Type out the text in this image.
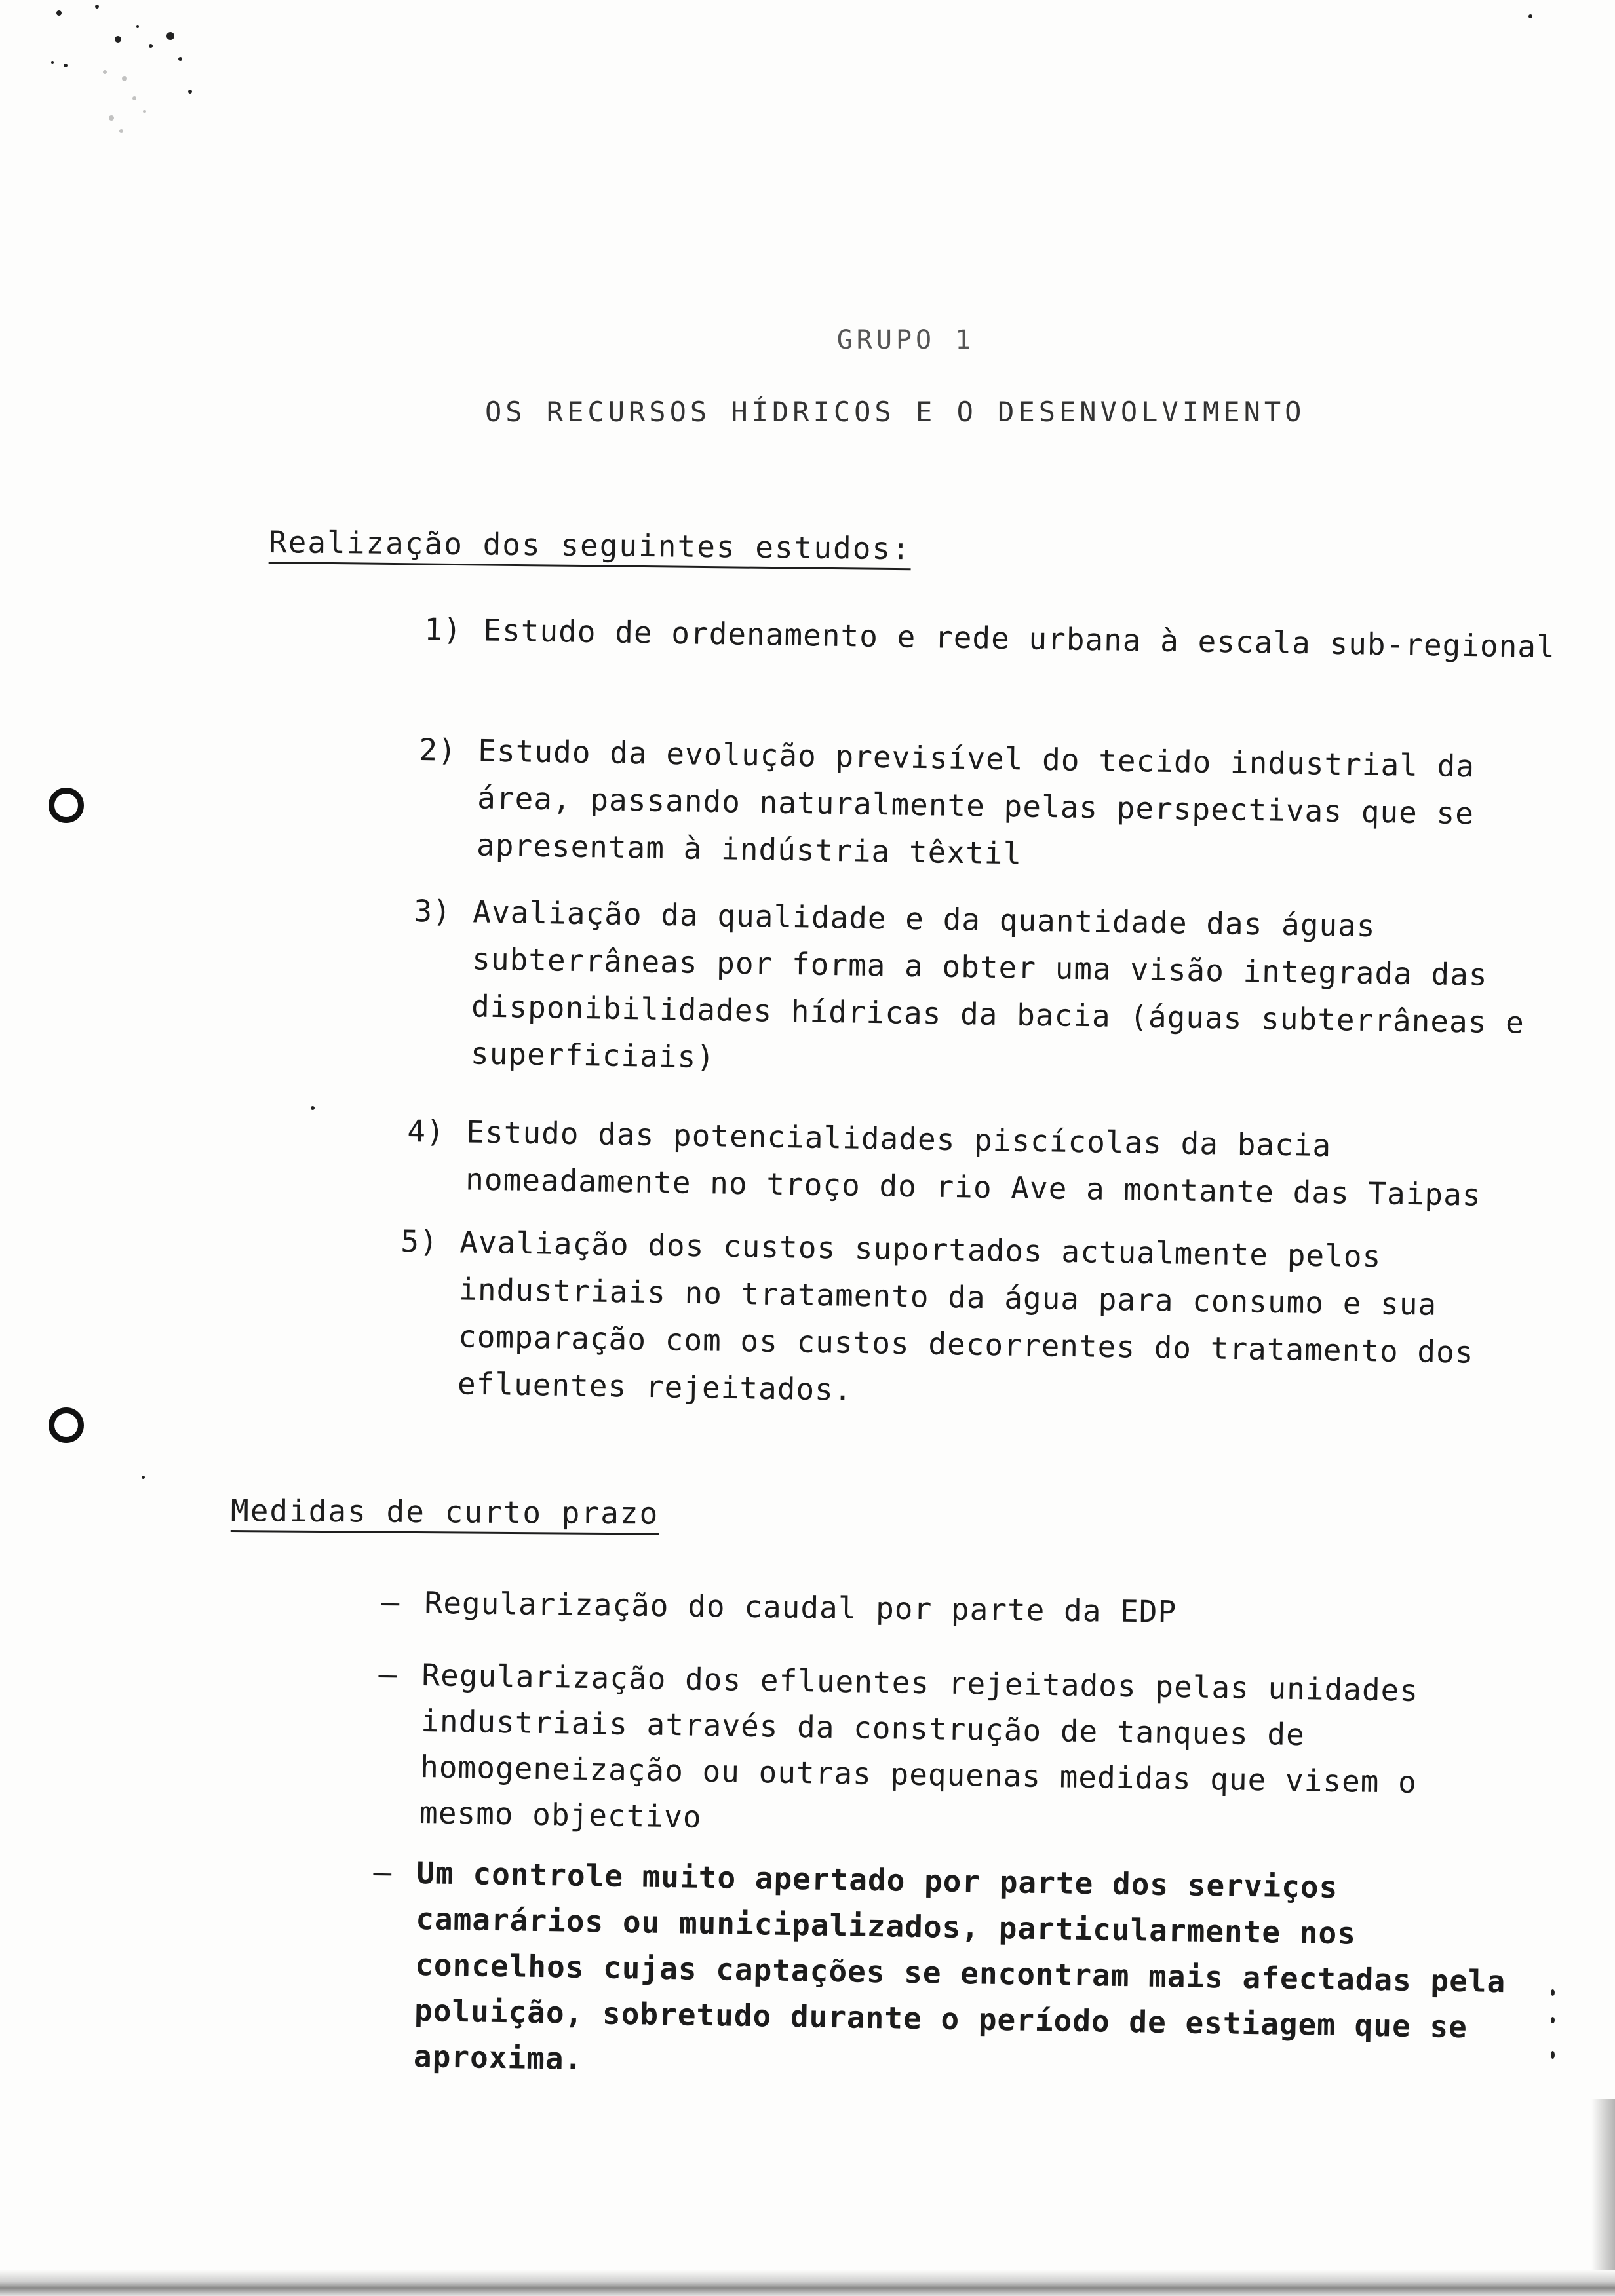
GRUPO 1
OS RECURSOS HÍDRICOS E O DESENVOLVIMENTO
Realização dos seguintes estudos:
1) Estudo de ordenamento e rede urbana à escala sub-regional
2) Estudo da evolução previsível do tecido industrial da área, passando naturalmente pelas perspectivas que se apresentam à indústria têxtil
3) Avaliação da qualidade e da quantidade das águas subterrâneas por forma a obter uma visão integrada das disponibilidades hídricas da bacia (águas subterrâneas e superficiais)
4) Estudo das potencialidades piscícolas da bacia nomeadamente no troço do rio Ave a montante das Taipas
5) Avaliação dos custos suportados actualmente pelos industriais no tratamento da água para consumo e sua comparação com os custos decorrentes do tratamento dos efluentes rejeitados.
Medidas de curto prazo
– Regularização do caudal por parte da EDP
– Regularização dos efluentes rejeitados pelas unidades industriais através da construção de tanques de homogeneização ou outras pequenas medidas que visem o mesmo objectivo
– Um controle muito apertado por parte dos serviços camarários ou municipalizados, particularmente nos concelhos cujas captações se encontram mais afectadas pela poluição, sobretudo durante o período de estiagem que se aproxima.
